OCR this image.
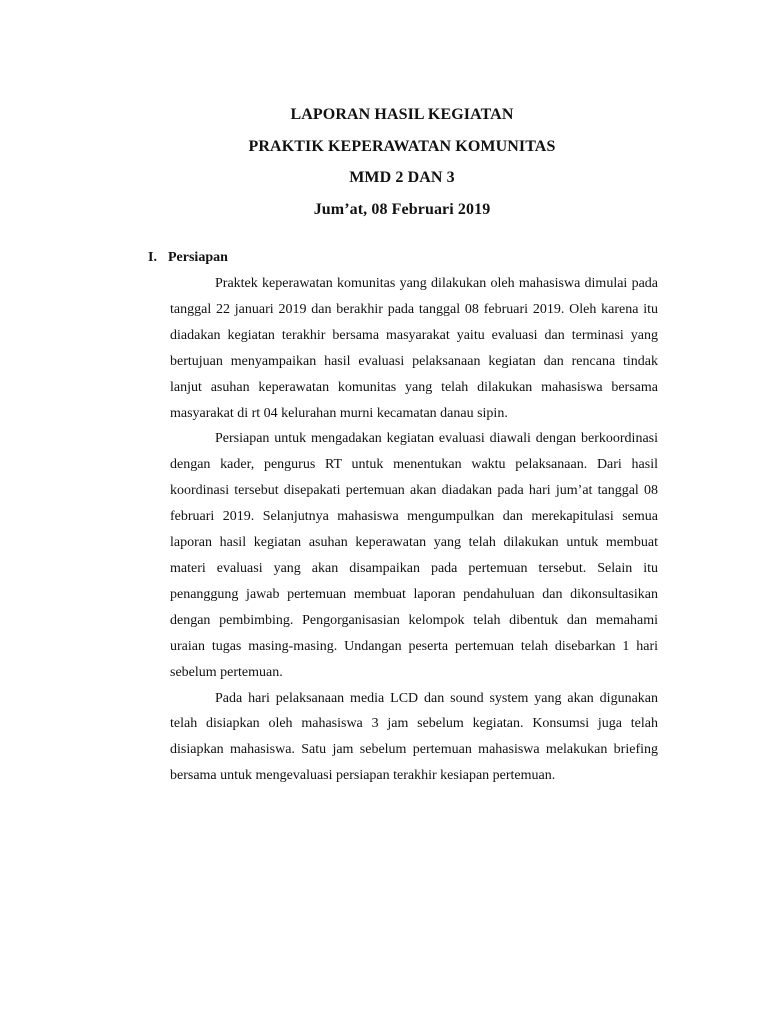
LAPORAN HASIL KEGIATAN
PRAKTIK KEPERAWATAN KOMUNITAS
MMD 2 DAN 3
Jum’at, 08 Februari 2019
I. Persiapan

Praktek keperawatan komunitas yang dilakukan oleh mahasiswa dimulai pada tanggal 22 januari 2019 dan berakhir pada tanggal 08 februari 2019. Oleh karena itu diadakan kegiatan terakhir bersama masyarakat yaitu evaluasi dan terminasi yang bertujuan menyampaikan hasil evaluasi pelaksanaan kegiatan dan rencana tindak lanjut asuhan keperawatan komunitas yang telah dilakukan mahasiswa bersama masyarakat di rt 04 kelurahan murni kecamatan danau sipin.

Persiapan untuk mengadakan kegiatan evaluasi diawali dengan berkoordinasi dengan kader, pengurus RT untuk menentukan waktu pelaksanaan. Dari hasil koordinasi tersebut disepakati pertemuan akan diadakan pada hari jum’at tanggal 08 februari 2019. Selanjutnya mahasiswa mengumpulkan dan merekapitulasi semua laporan hasil kegiatan asuhan keperawatan yang telah dilakukan untuk membuat materi evaluasi yang akan disampaikan pada pertemuan tersebut. Selain itu penanggung jawab pertemuan membuat laporan pendahuluan dan dikonsultasikan dengan pembimbing. Pengorganisasian kelompok telah dibentuk dan memahami uraian tugas masing-masing. Undangan peserta pertemuan telah disebarkan 1 hari sebelum pertemuan.

Pada hari pelaksanaan media LCD dan sound system yang akan digunakan telah disiapkan oleh mahasiswa 3 jam sebelum kegiatan. Konsumsi juga telah disiapkan mahasiswa. Satu jam sebelum pertemuan mahasiswa melakukan briefing bersama untuk mengevaluasi persiapan terakhir kesiapan pertemuan.
